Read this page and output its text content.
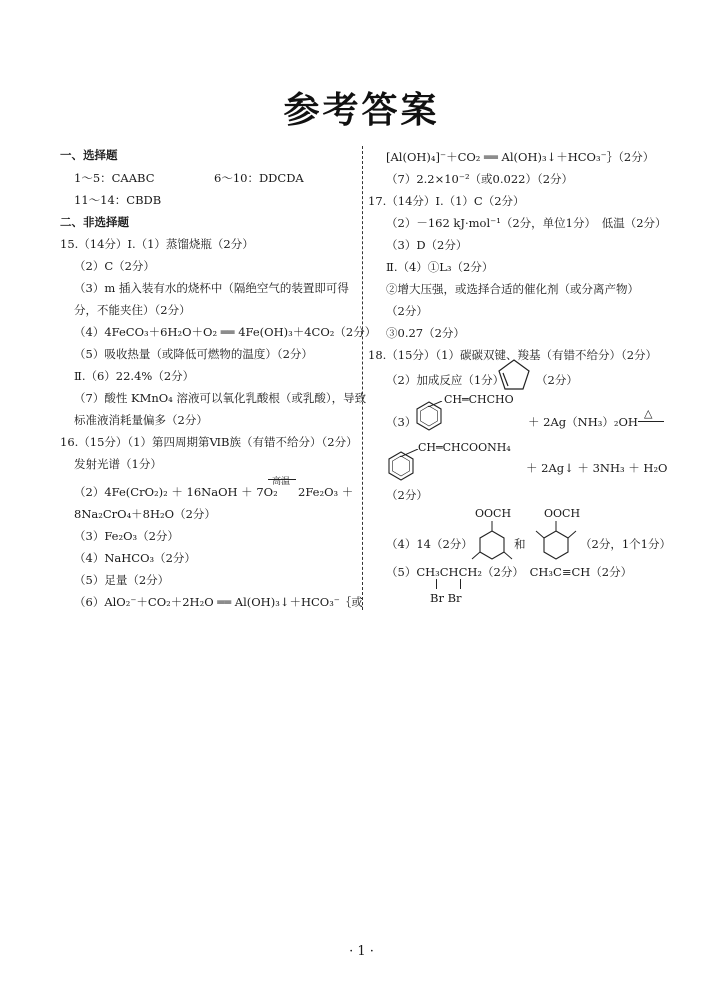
参考答案
一、选择题
1～5：CAABC	6～10：DDCDA
11～14：CBDB
二、非选择题
15.（14分）Ⅰ.（1）蒸馏烧瓶（2分）
（2）C（2分）
（3）m 插入装有水的烧杯中（隔绝空气的装置即可得
分，不能夹住）（2分）
（4）4FeCO₃＋6H₂O＋O₂ ══ 4Fe(OH)₃＋4CO₂（2分）
（5）吸收热量（或降低可燃物的温度）（2分）
Ⅱ.（6）22.4%（2分）
（7）酸性 KMnO₄ 溶液可以氧化乳酸根（或乳酸），导致
标准液消耗量偏多（2分）
16.（15分）（1）第四周期第ⅥB族（有错不给分）（2分）
发射光谱（1分）
（2）4Fe(CrO₂)₂ ＋ 16NaOH ＋ 7O₂
高温
2Fe₂O₃ ＋
8Na₂CrO₄＋8H₂O（2分）
（3）Fe₂O₃（2分）
（4）NaHCO₃（2分）
（5）足量（2分）
（6）AlO₂⁻＋CO₂＋2H₂O ══ Al(OH)₃↓＋HCO₃⁻｛或
[Al(OH)₄]⁻＋CO₂ ══ Al(OH)₃↓＋HCO₃⁻｝（2分）
（7）2.2×10⁻²（或0.022）（2分）
17.（14分）Ⅰ.（1）C（2分）
（2）－162 kJ·mol⁻¹（2分，单位1分）　低温（2分）
（3）D（2分）
Ⅱ.（4）①L₃（2分）
②增大压强，或选择合适的催化剂（或分离产物）
（2分）
③0.27（2分）
18.（15分）（1）碳碳双键、羧基（有错不给分）（2分）
（2）加成反应（1分）	（2分）
（3）
CH═CHCHO
＋ 2Ag（NH₃）₂OH
△
CH═CHCOONH₄
＋ 2Ag↓ ＋ 3NH₃ ＋ H₂O
（2分）
OOCH
（4）14（2分）	和
OOCH
（2分，1个1分）
（5）CH₃CHCH₂（2分）　CH₃C≡CH（2分）
Br Br
· 1 ·
